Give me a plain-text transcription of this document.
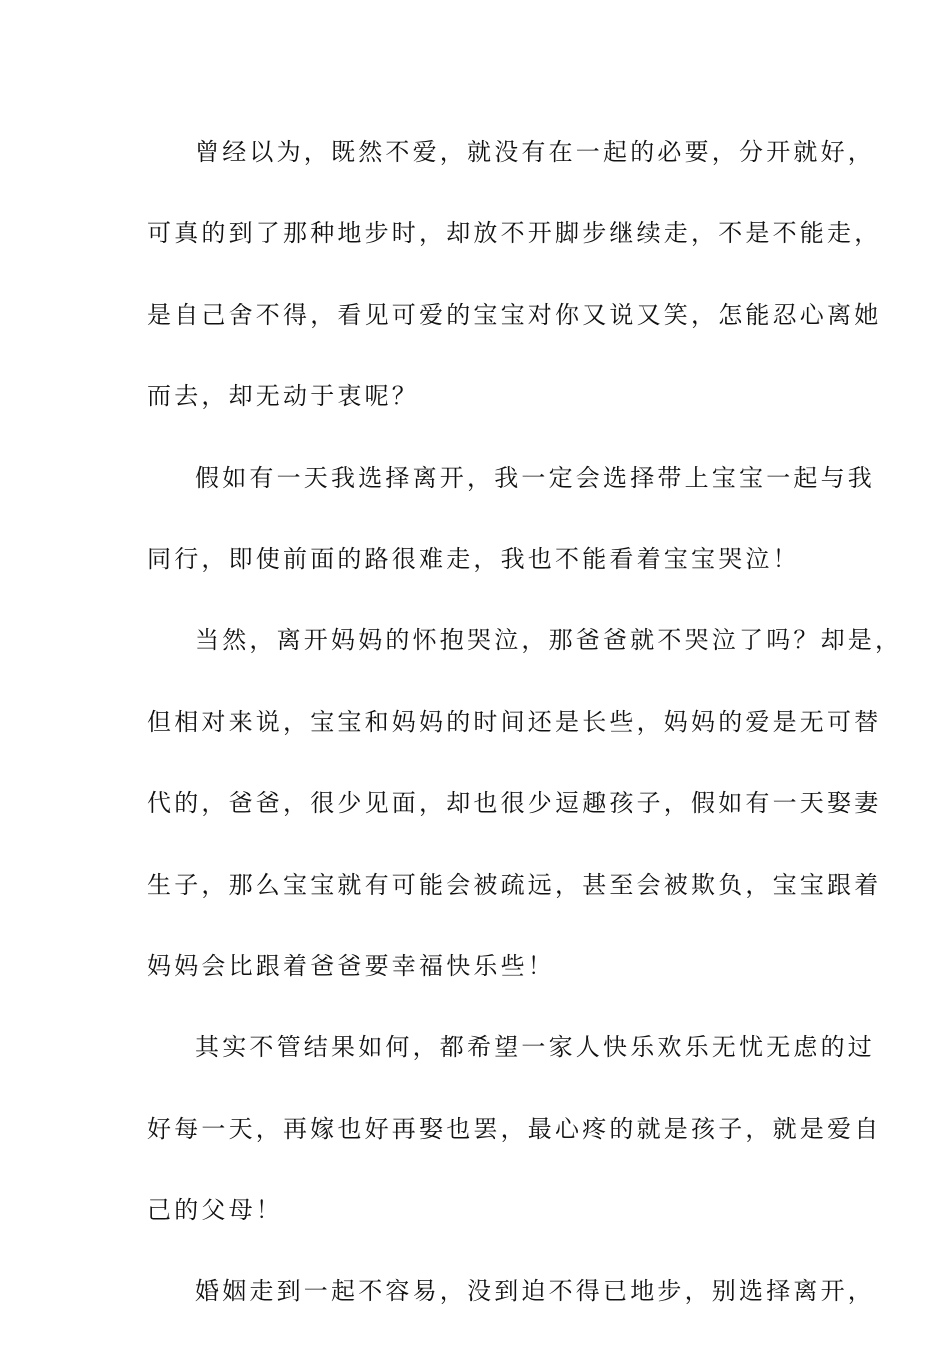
曾经以为，既然不爱，就没有在一起的必要，分开就好，
可真的到了那种地步时，却放不开脚步继续走，不是不能走，
是自己舍不得，看见可爱的宝宝对你又说又笑，怎能忍心离她
而去，却无动于衷呢？
假如有一天我选择离开，我一定会选择带上宝宝一起与我
同行，即使前面的路很难走，我也不能看着宝宝哭泣！
当然，离开妈妈的怀抱哭泣，那爸爸就不哭泣了吗？却是，
但相对来说，宝宝和妈妈的时间还是长些，妈妈的爱是无可替
代的，爸爸，很少见面，却也很少逗趣孩子，假如有一天娶妻
生子，那么宝宝就有可能会被疏远，甚至会被欺负，宝宝跟着
妈妈会比跟着爸爸要幸福快乐些！
其实不管结果如何，都希望一家人快乐欢乐无忧无虑的过
好每一天，再嫁也好再娶也罢，最心疼的就是孩子，就是爱自
己的父母！
婚姻走到一起不容易，没到迫不得已地步，别选择离开，
